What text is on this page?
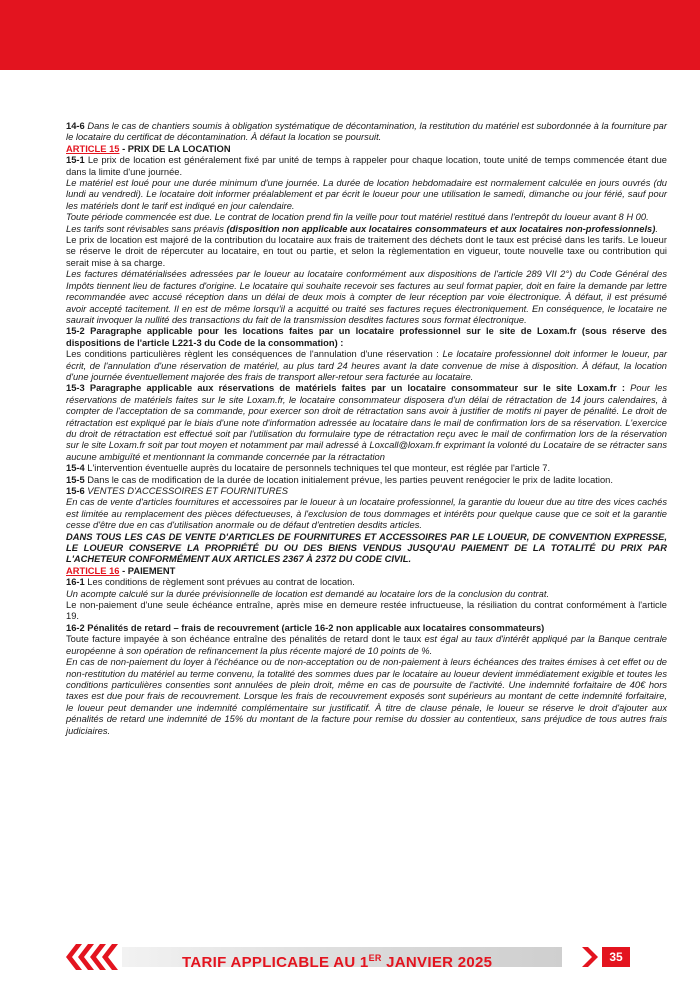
14-6 Dans le cas de chantiers soumis à obligation systématique de décontamination, la restitution du matériel est subordonnée à la fourniture par le locataire du certificat de décontamination. À défaut la location se poursuit.

ARTICLE 15 - PRIX DE LA LOCATION

15-1 Le prix de location est généralement fixé par unité de temps à rappeler pour chaque location, toute unité de temps commencée étant due dans la limite d'une journée.

Le matériel est loué pour une durée minimum d'une journée. La durée de location hebdomadaire est normalement calculée en jours ouvrés (du lundi au vendredi). Le locataire doit informer préalablement et par écrit le loueur pour une utilisation le samedi, dimanche ou jour férié, sauf pour les matériels dont le tarif est indiqué en jour calendaire.

Toute période commencée est due. Le contrat de location prend fin la veille pour tout matériel restitué dans l'entrepôt du loueur avant 8 H 00.

Les tarifs sont révisables sans préavis (disposition non applicable aux locataires consommateurs et aux locataires non-professionnels).

Le prix de location est majoré de la contribution du locataire aux frais de traitement des déchets dont le taux est précisé dans les tarifs. Le loueur se réserve le droit de répercuter au locataire, en tout ou partie, et selon la règlementation en vigueur, toute nouvelle taxe ou contribution qui serait mise à sa charge.

Les factures dématérialisées adressées par le loueur au locataire conformément aux dispositions de l'article 289 VII 2°) du Code Général des Impôts tiennent lieu de factures d'origine. Le locataire qui souhaite recevoir ses factures au seul format papier, doit en faire la demande par lettre recommandée avec accusé réception dans un délai de deux mois à compter de leur réception par voie électronique. À défaut, il est présumé avoir accepté tacitement. Il en est de même lorsqu'il a acquitté ou traité ses factures reçues électroniquement. En conséquence, le locataire ne saurait invoquer la nullité des transactions du fait de la transmission desdites factures sous format électronique.

15-2 Paragraphe applicable pour les locations faites par un locataire professionnel sur le site de Loxam.fr (sous réserve des dispositions de l'article L221-3 du Code de la consommation) :

Les conditions particulières règlent les conséquences de l'annulation d'une réservation : Le locataire professionnel doit informer le loueur, par écrit, de l'annulation d'une réservation de matériel, au plus tard 24 heures avant la date convenue de mise à disposition. À défaut, la location d'une journée éventuellement majorée des frais de transport aller-retour sera facturée au locataire.

15-3 Paragraphe applicable aux réservations de matériels faites par un locataire consommateur sur le site Loxam.fr : Pour les réservations de matériels faites sur le site Loxam.fr, le locataire consommateur disposera d'un délai de rétractation de 14 jours calendaires, à compter de l'acceptation de sa commande, pour exercer son droit de rétractation sans avoir à justifier de motifs ni payer de pénalité. Le droit de rétractation est expliqué par le biais d'une note d'information adressée au locataire dans le mail de confirmation lors de sa réservation. L'exercice du droit de rétractation est effectué soit par l'utilisation du formulaire type de rétractation reçu avec le mail de confirmation lors de la réservation sur le site Loxam.fr soit par tout moyen et notamment par mail adressé à Loxcall@loxam.fr exprimant la volonté du Locataire de se rétracter sans aucune ambiguïté et mentionnant la commande concernée par la rétractation

15-4 L'intervention éventuelle auprès du locataire de personnels techniques tel que monteur, est réglée par l'article 7.

15-5 Dans le cas de modification de la durée de location initialement prévue, les parties peuvent renégocier le prix de ladite location.

15-6 VENTES D'ACCESSOIRES ET FOURNITURES

En cas de vente d'articles fournitures et accessoires par le loueur à un locataire professionnel, la garantie du loueur due au titre des vices cachés est limitée au remplacement des pièces défectueuses, à l'exclusion de tous dommages et intérêts pour quelque cause que ce soit et la garantie cesse d'être due en cas d'utilisation anormale ou de défaut d'entretien desdits articles.

DANS TOUS LES CAS DE VENTE D'ARTICLES DE FOURNITURES ET ACCESSOIRES PAR LE LOUEUR, DE CONVENTION EXPRESSE, LE LOUEUR CONSERVE LA PROPRIÉTÉ DU OU DES BIENS VENDUS JUSQU'AU PAIEMENT DE LA TOTALITÉ DU PRIX PAR L'ACHETEUR CONFORMÉMENT AUX ARTICLES 2367 À 2372 DU CODE CIVIL.

ARTICLE 16 - PAIEMENT

16-1 Les conditions de règlement sont prévues au contrat de location.

Un acompte calculé sur la durée prévisionnelle de location est demandé au locataire lors de la conclusion du contrat.

Le non-paiement d'une seule échéance entraîne, après mise en demeure restée infructueuse, la résiliation du contrat conformément à l'article 19.

16-2 Pénalités de retard – frais de recouvrement (article 16-2 non applicable aux locataires consommateurs)

Toute facture impayée à son échéance entraîne des pénalités de retard dont le taux est égal au taux d'intérêt appliqué par la Banque centrale européenne à son opération de refinancement la plus récente majoré de 10 points de %.

En cas de non-paiement du loyer à l'échéance ou de non-acceptation ou de non-paiement à leurs échéances des traites émises à cet effet ou de non-restitution du matériel au terme convenu, la totalité des sommes dues par le locataire au loueur devient immédiatement exigible et toutes les conditions particulières consenties sont annulées de plein droit, même en cas de poursuite de l'activité. Une indemnité forfaitaire de 40€ hors taxes est due pour frais de recouvrement. Lorsque les frais de recouvrement exposés sont supérieurs au montant de cette indemnité forfaitaire, le loueur peut demander une indemnité complémentaire sur justificatif. À titre de clause pénale, le loueur se réserve le droit d'ajouter aux pénalités de retard une indemnité de 15% du montant de la facture pour remise du dossier au contentieux, sans préjudice de tous autres frais judiciaires.

TARIF APPLICABLE AU 1ER JANVIER 2025	35
